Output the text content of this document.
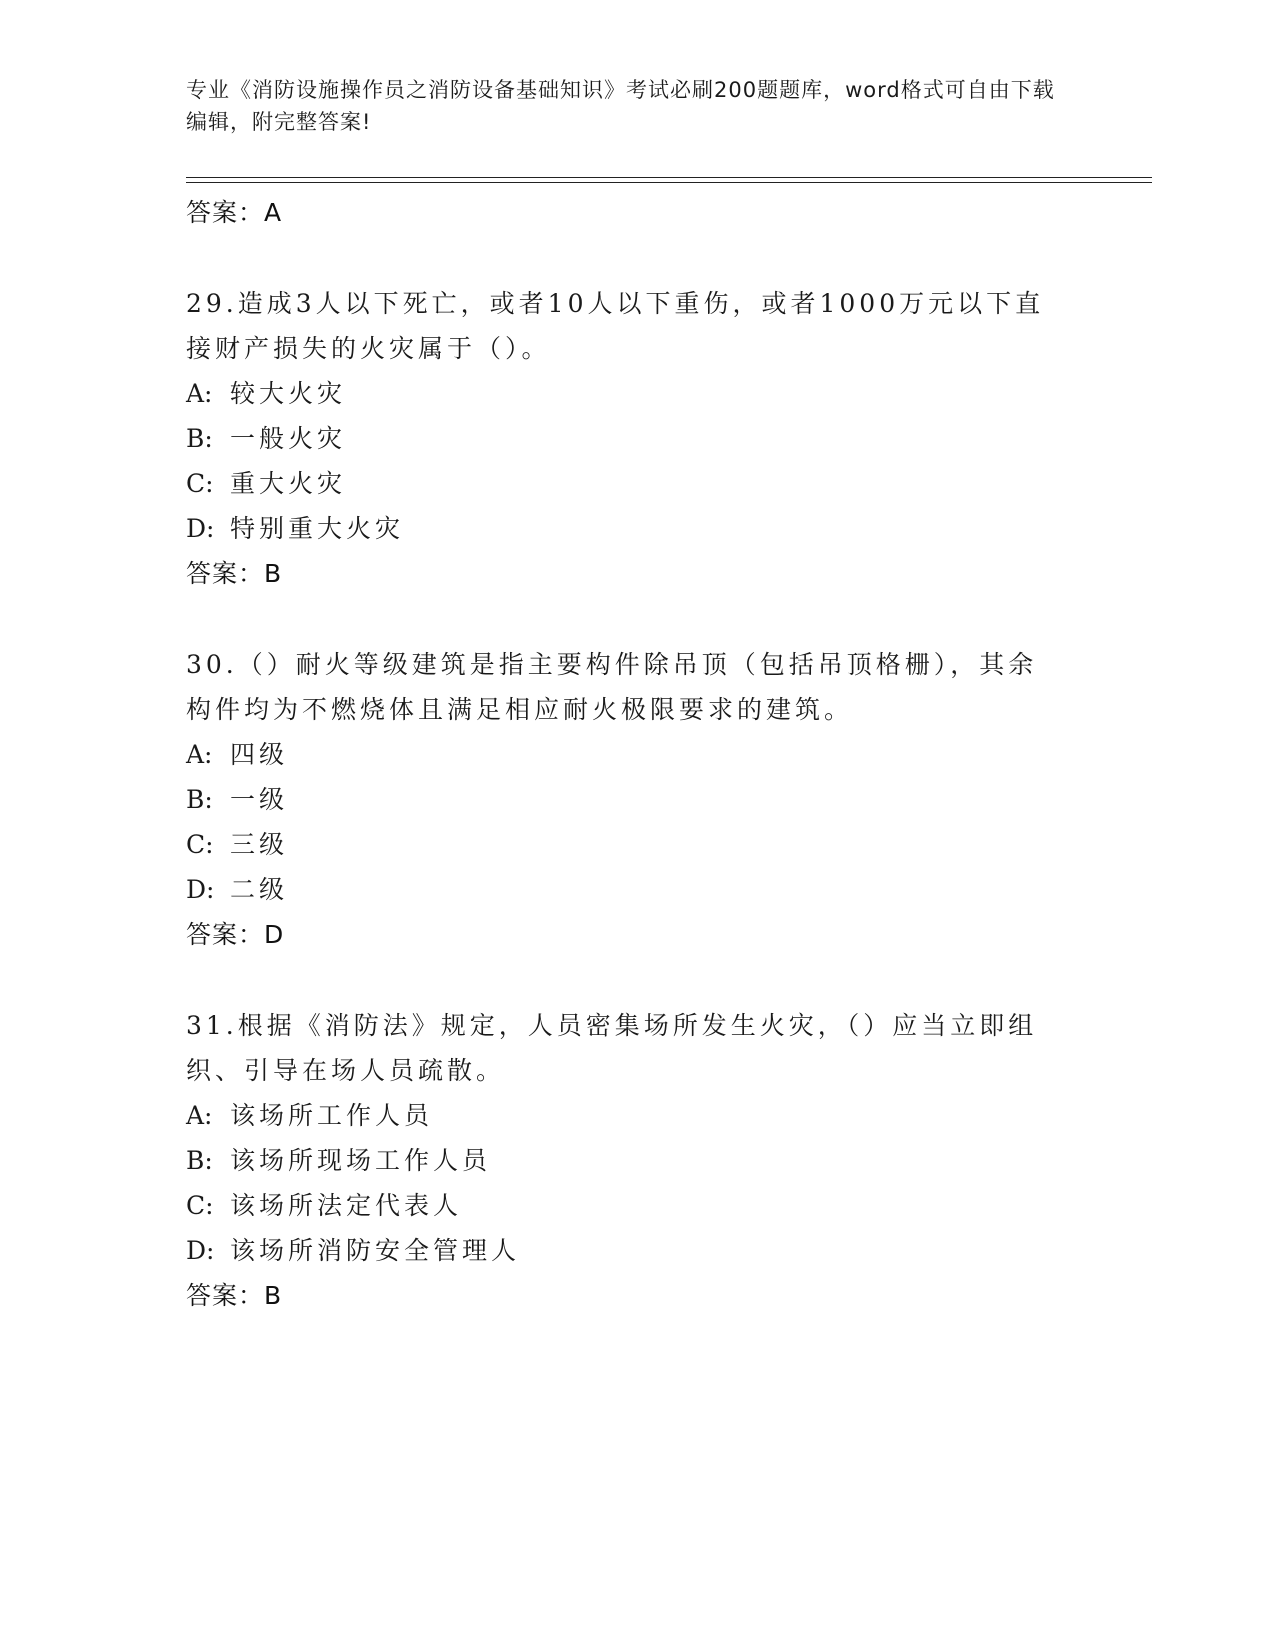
专业《消防设施操作员之消防设备基础知识》考试必刷200题题库，word格式可自由下载编辑，附完整答案!
答案：A
29.造成3人以下死亡，或者10人以下重伤，或者1000万元以下直接财产损失的火灾属于（）。
A: 较大火灾
B: 一般火灾
C: 重大火灾
D: 特别重大火灾
答案：B
30.（）耐火等级建筑是指主要构件除吊顶（包括吊顶格栅），其余构件均为不燃烧体且满足相应耐火极限要求的建筑。
A: 四级
B: 一级
C: 三级
D: 二级
答案：D
31.根据《消防法》规定，人员密集场所发生火灾，（）应当立即组织、引导在场人员疏散。
A: 该场所工作人员
B: 该场所现场工作人员
C: 该场所法定代表人
D: 该场所消防安全管理人
答案：B
